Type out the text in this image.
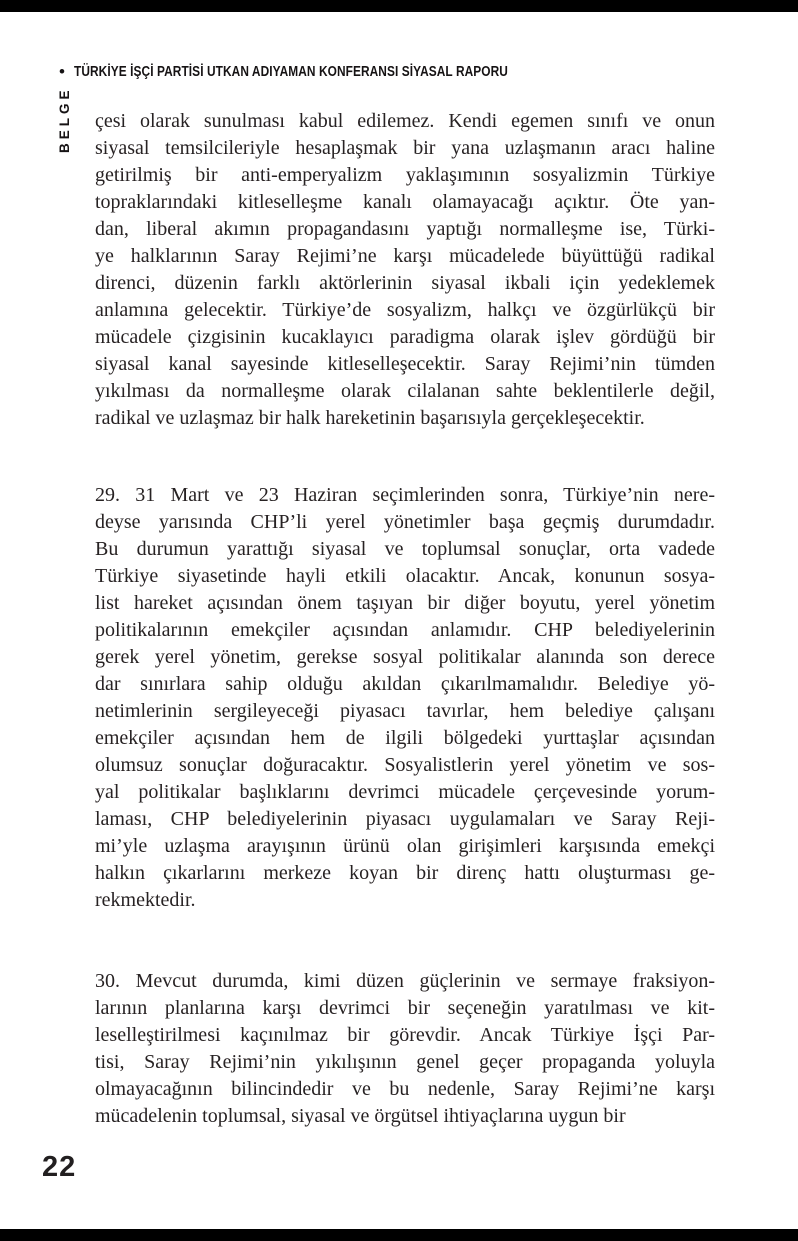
• TÜRKİYE İŞÇİ PARTİSİ UTKAN ADIYAMAN KONFERANSI SİYASAL RAPORU
BELGE çesi olarak sunulması kabul edilemez. Kendi egemen sınıfı ve onun
siyasal temsilcileriyle hesaplaşmak bir yana uzlaşmanın aracı haline
getirilmiş bir anti-emperyalizm yaklaşımının sosyalizmin Türkiye
topraklarındaki kitleselleşme kanalı olamayacağı açıktır. Öte yan-
dan, liberal akımın propagandasını yaptığı normalleşme ise, Türki-
ye halklarının Saray Rejimi’ne karşı mücadelede büyüttüğü radikal
direnci, düzenin farklı aktörlerinin siyasal ikbali için yedeklemek
anlamına gelecektir. Türkiye’de sosyalizm, halkçı ve özgürlükçü bir
mücadele çizgisinin kucaklayıcı paradigma olarak işlev gördüğü bir
siyasal kanal sayesinde kitleselleşecektir. Saray Rejimi’nin tümden
yıkılması da normalleşme olarak cilalanan sahte beklentilerle değil,
radikal ve uzlaşmaz bir halk hareketinin başarısıyla gerçekleşecektir.
29. 31 Mart ve 23 Haziran seçimlerinden sonra, Türkiye’nin nere-
deyse yarısında CHP’li yerel yönetimler başa geçmiş durumdadır.
Bu durumun yarattığı siyasal ve toplumsal sonuçlar, orta vadede
Türkiye siyasetinde hayli etkili olacaktır. Ancak, konunun sosya-
list hareket açısından önem taşıyan bir diğer boyutu, yerel yönetim
politikalarının emekçiler açısından anlamıdır. CHP belediyelerinin
gerek yerel yönetim, gerekse sosyal politikalar alanında son derece
dar sınırlara sahip olduğu akıldan çıkarılmamalıdır. Belediye yö-
netimlerinin sergileyeceği piyasacı tavırlar, hem belediye çalışanı
emekçiler açısından hem de ilgili bölgedeki yurttaşlar açısından
olumsuz sonuçlar doğuracaktır. Sosyalistlerin yerel yönetim ve sos-
yal politikalar başlıklarını devrimci mücadele çerçevesinde yorum-
laması, CHP belediyelerinin piyasacı uygulamaları ve Saray Reji-
mi’yle uzlaşma arayışının ürünü olan girişimleri karşısında emekçi
halkın çıkarlarını merkeze koyan bir direnç hattı oluşturması ge-
rekmektedir.
30. Mevcut durumda, kimi düzen güçlerinin ve sermaye fraksiyon-
larının planlarına karşı devrimci bir seçeneğin yaratılması ve kit-
leselleştirilmesi kaçınılmaz bir görevdir. Ancak Türkiye İşçi Par-
tisi, Saray Rejimi’nin yıkılışının genel geçer propaganda yoluyla
olmayacağının bilincindedir ve bu nedenle, Saray Rejimi’ne karşı
mücadelenin toplumsal, siyasal ve örgütsel ihtiyaçlarına uygun bir
22
